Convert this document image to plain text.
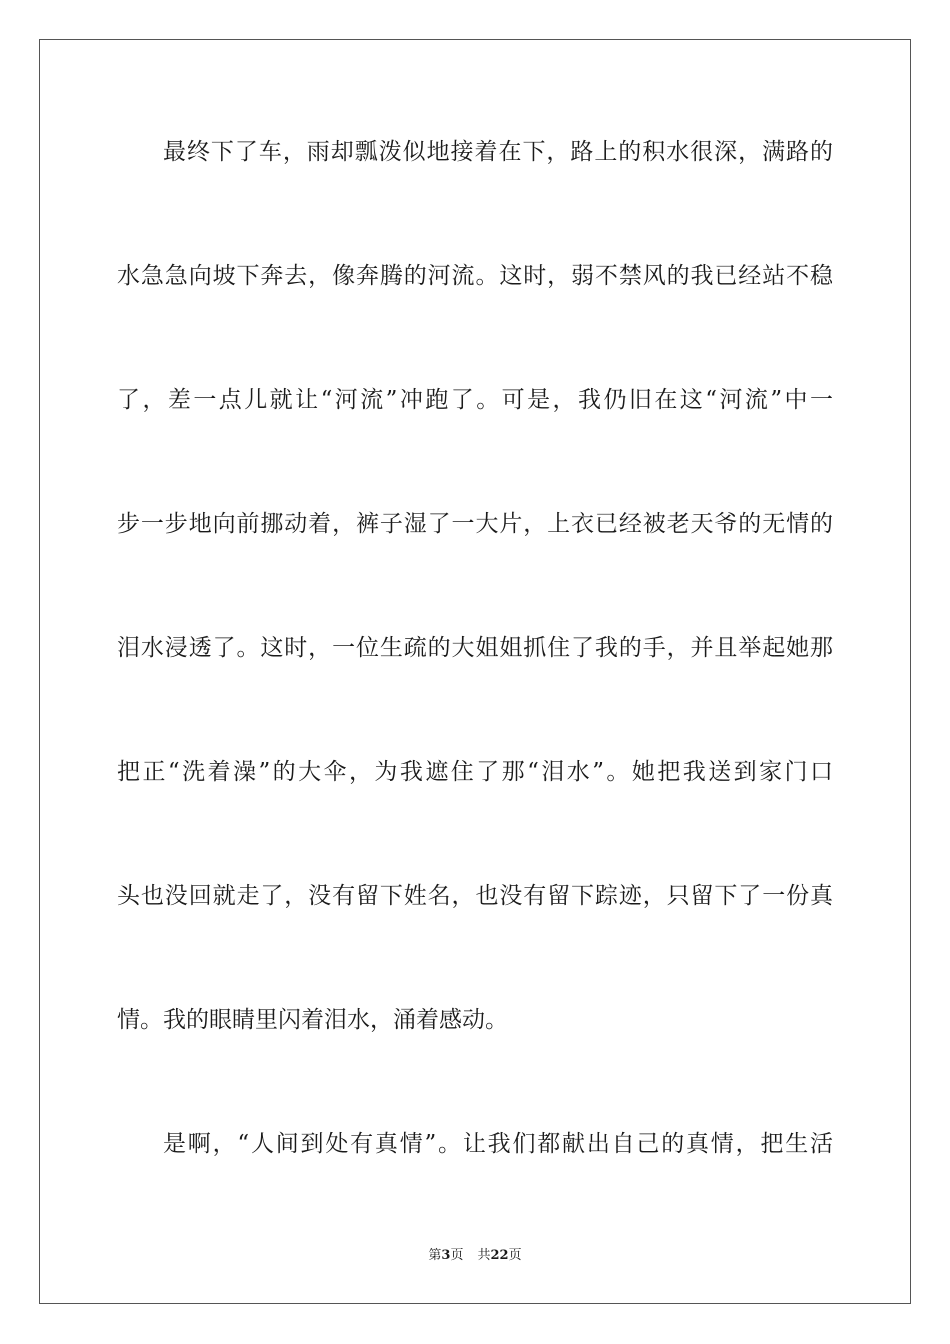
最终下了车，雨却瓢泼似地接着在下，路上的积水很深，满路的
水急急向坡下奔去，像奔腾的河流。这时，弱不禁风的我已经站不稳
了，差一点儿就让“河流”冲跑了。可是，我仍旧在这“河流”中一
步一步地向前挪动着，裤子湿了一大片，上衣已经被老天爷的无情的
泪水浸透了。这时，一位生疏的大姐姐抓住了我的手，并且举起她那
把正“洗着澡”的大伞，为我遮住了那“泪水”。她把我送到家门口
头也没回就走了，没有留下姓名，也没有留下踪迹，只留下了一份真
情。我的眼睛里闪着泪水，涌着感动。
是啊，“人间到处有真情”。让我们都献出自己的真情，把生活
第3页 共22页
